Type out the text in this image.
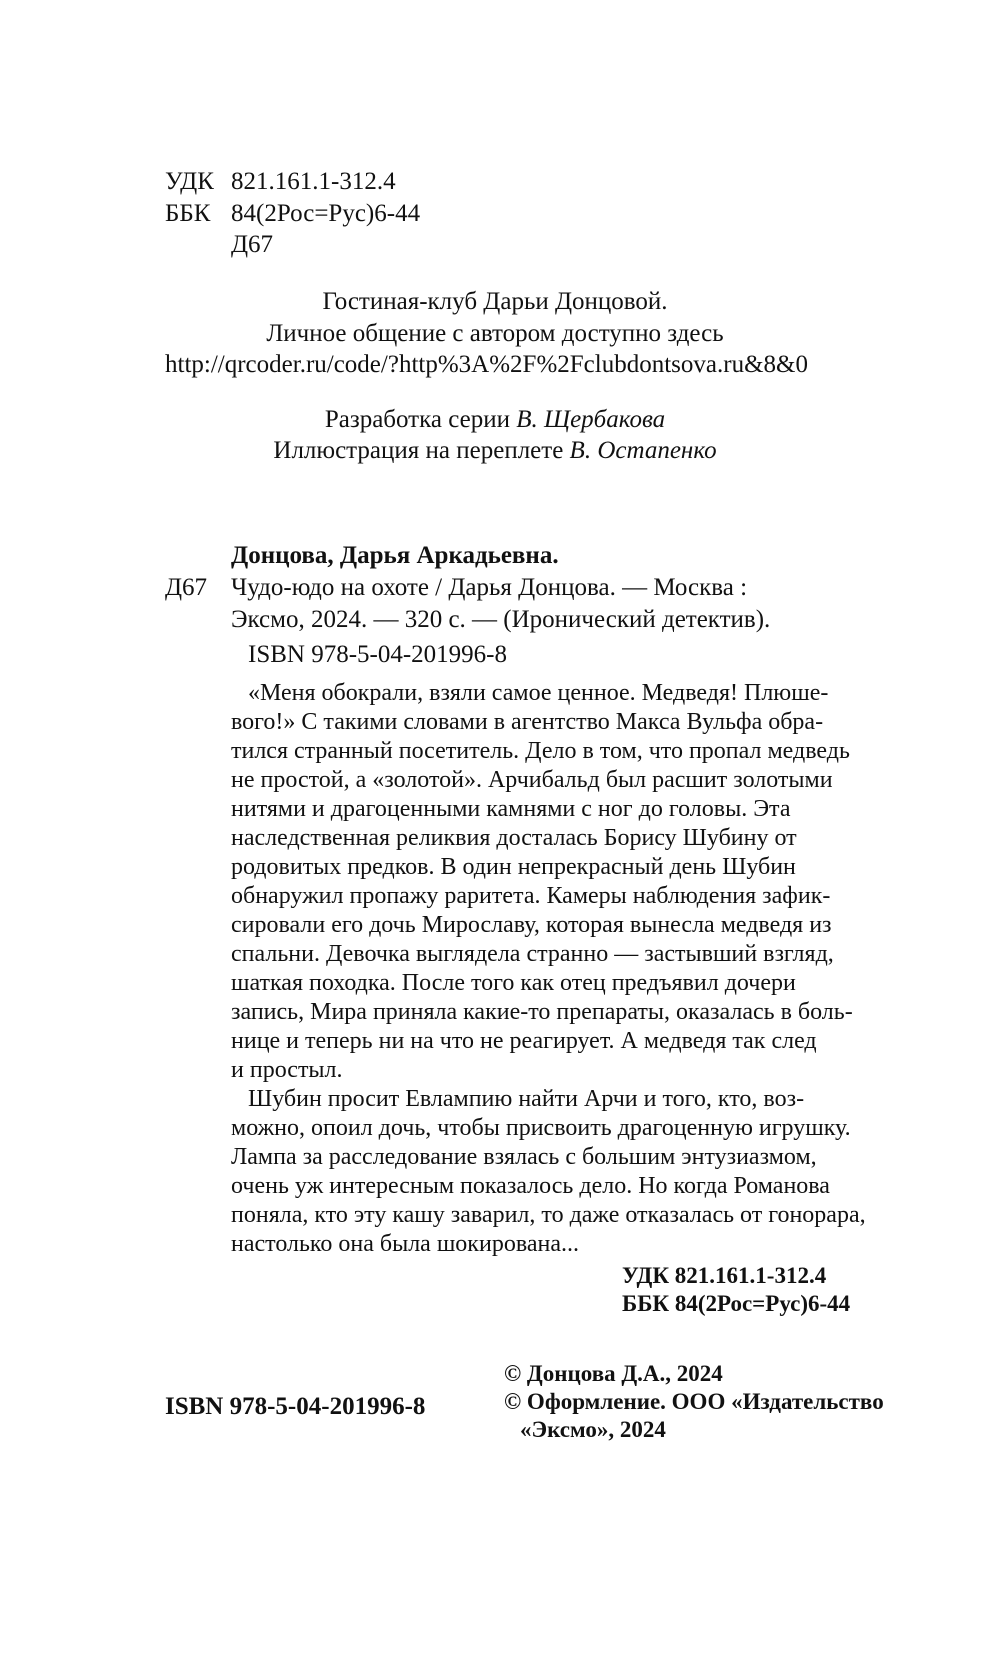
УДК 821.161.1-312.4
ББК 84(2Рос=Рус)6-44
Д67
Гостиная-клуб Дарьи Донцовой.
Личное общение с автором доступно здесь
http://qrcoder.ru/code/?http%3A%2F%2Fclubdontsova.ru&8&0
Разработка серии В. Щербакова
Иллюстрация на переплете В. Остапенко
Донцова, Дарья Аркадьевна.
Д67 Чудо-юдо на охоте / Дарья Донцова. — Москва :
Эксмо, 2024. — 320 с. — (Иронический детектив).
ISBN 978-5-04-201996-8

«Меня обокрали, взяли самое ценное. Медведя! Плюше-

вого!» С такими словами в агентство Макса Вульфа обра-

тился странный посетитель. Дело в том, что пропал медведь

не простой, а «золотой». Арчибальд был расшит золотыми

нитями и драгоценными камнями с ног до головы. Эта

наследственная реликвия досталась Борису Шубину от

родовитых предков. В один непрекрасный день Шубин

обнаружил пропажу раритета. Камеры наблюдения зафик-

сировали его дочь Мирославу, которая вынесла медведя из

спальни. Девочка выглядела странно — застывший взгляд,

шаткая походка. После того как отец предъявил дочери

запись, Мира приняла какие-то препараты, оказалась в боль-

нице и теперь ни на что не реагирует. А медведя так след

и простыл.

Шубин просит Евлампию найти Арчи и того, кто, воз-

можно, опоил дочь, чтобы присвоить драгоценную игрушку.

Лампа за расследование взялась с большим энтузиазмом,

очень уж интересным показалось дело. Но когда Романова

поняла, кто эту кашу заварил, то даже отказалась от гонорара,

настолько она была шокирована...

УДК 821.161.1-312.4
ББК 84(2Рос=Рус)6-44
© Донцова Д.А., 2024
© Оформление. ООО «Издательство
«Эксмо», 2024
ISBN 978-5-04-201996-8
